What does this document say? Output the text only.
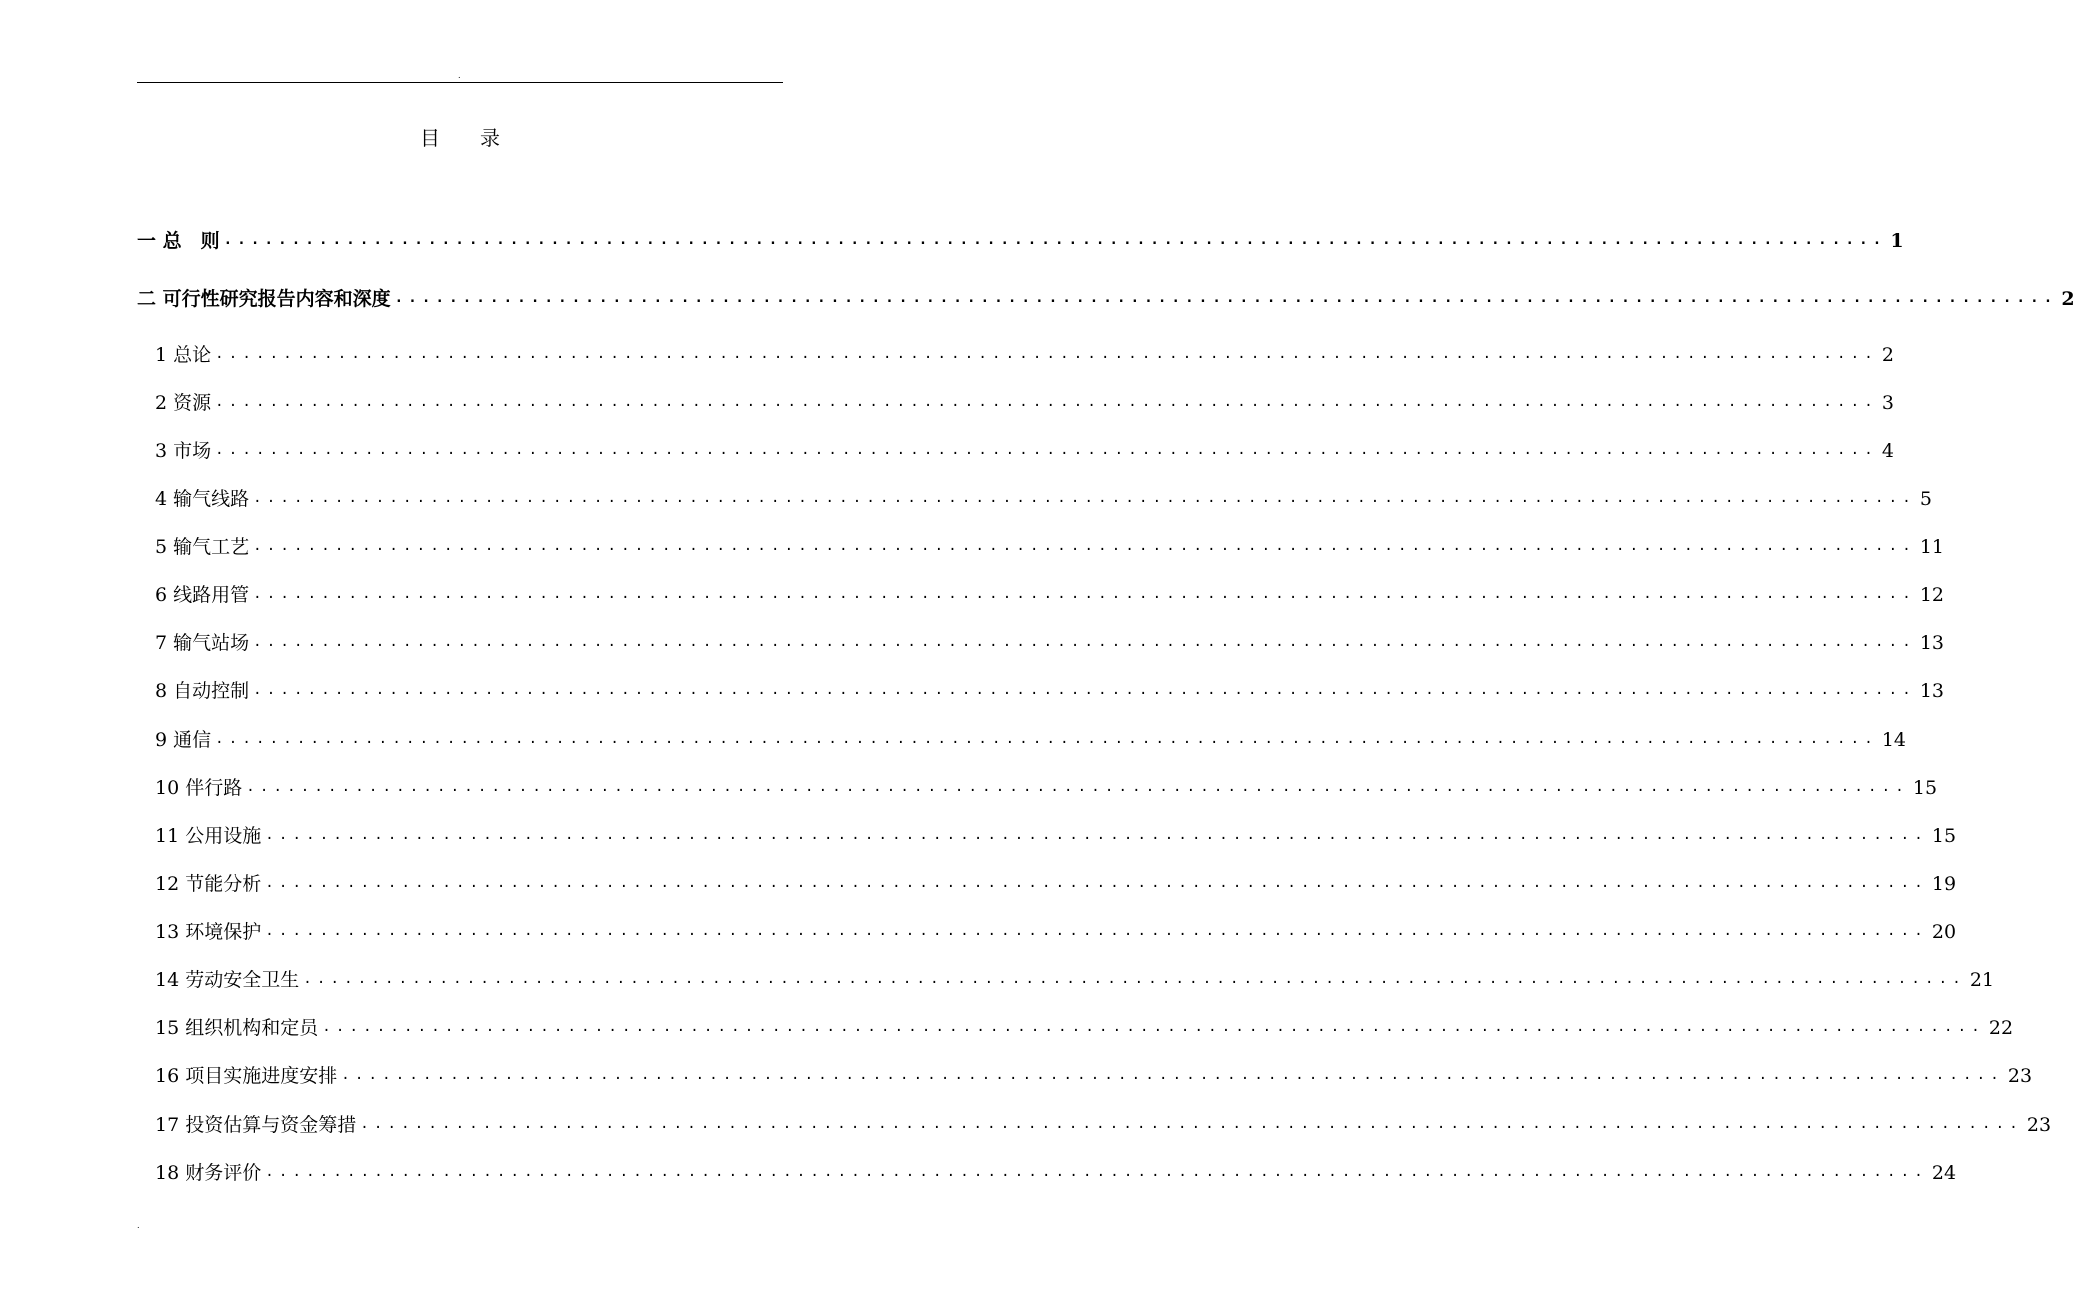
.
目录
一 总　则 .......................................................................................................................... 1
二 可行性研究报告内容和深度 .......................................................................................................................... 2
1 总论 .......................................................................................................................... 2
2 资源 .......................................................................................................................... 3
3 市场 .......................................................................................................................... 4
4 输气线路 .......................................................................................................................... 5
5 输气工艺 .......................................................................................................................... 11
6 线路用管 .......................................................................................................................... 12
7 输气站场 .......................................................................................................................... 13
8 自动控制 .......................................................................................................................... 13
9 通信 .......................................................................................................................... 14
10 伴行路 .......................................................................................................................... 15
11 公用设施 .......................................................................................................................... 15
12 节能分析 .......................................................................................................................... 19
13 环境保护 .......................................................................................................................... 20
14 劳动安全卫生 .......................................................................................................................... 21
15 组织机构和定员 .......................................................................................................................... 22
16 项目实施进度安排 .......................................................................................................................... 23
17 投资估算与资金筹措 .......................................................................................................................... 23
18 财务评价 .......................................................................................................................... 24
.
